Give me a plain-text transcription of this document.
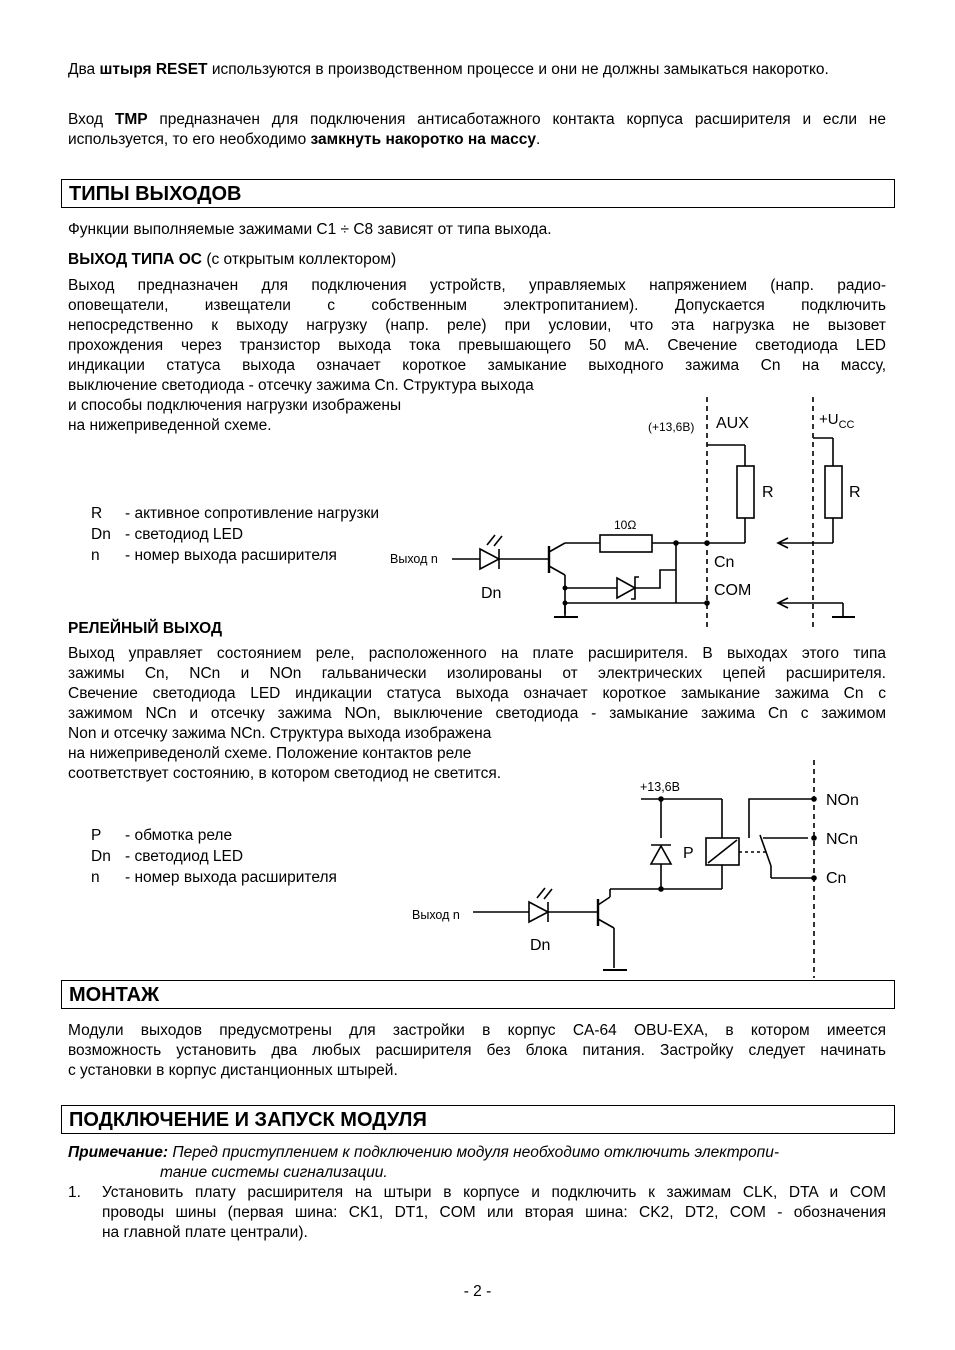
Два штыря RESET используются в производственном процессе и они не должны замыкаться накоротко.

Вход TMP предназначен для подключения антисаботажного контакта корпуса расширителя и если не используется, то его необходимо замкнуть накоротко на массу.

ТИПЫ ВЫХОДОВ
Функции выполняемые зажимами C1 ÷ C8 зависят от типа выхода.
ВЫХОД ТИПА ОС (с открытым коллектором)
Выход предназначен для подключения устройств, управляемых напряжением (напр. радио-
оповещатели, извещатели с собственным электропитанием). Допускается подключить
непосредственно к выходу нагрузку (напр. реле) при условии, что эта нагрузка не вызовет
прохождения через транзистор выхода тока превышающего 50 мА. Свечение светодиода LED
индикации статуса выхода означает короткое замыкание выходного зажима Cn на массу,
выключение светодиода - отсечку зажима Cn. Структура выхода
и способы подключения нагрузки изображены
на нижеприведенной схеме.
R - активное сопротивление нагрузки
Dn - светодиод LED
n - номер выхода расширителя
(+13,6B) AUX	$+U_{CC}$
R	R
10Ω
Cn
COM
Выход n
Dn
РЕЛЕЙНЫЙ ВЫХОД
Выход управляет состоянием реле, расположенного на плате расширителя. В выходах этого типа
зажимы Cn, NCn и NOn гальванически изолированы от электрических цепей расширителя.
Свечение светодиода LED индикации статуса выхода означает короткое замыкание зажима Cn с
зажимом NCn и отсечку зажима NOn, выключение светодиода - замыкание зажима Cn с зажимом
Non и отсечку зажима NCn. Структура выхода изображена
на нижеприведенолй схеме. Положение контактов реле
соответствует состоянию, в котором светодиод не светится.
P - обмотка реле
Dn - светодиод LED
n - номер выхода расширителя
+13,6B
P
NOn
NCn
Cn
Выход n
Dn
МОНТАЖ
Модули выходов предусмотрены для застройки в корпус CA-64 OBU-EXA, в котором имеется
возможность установить два любых расширителя без блока питания. Застройку следует начинать
с установки в корпус дистанционных штырей.
ПОДКЛЮЧЕНИЕ И ЗАПУСК МОДУЛЯ
Примечание: Перед приступлением к подключению модуля необходимо отключить электропи-
тание системы сигнализации.
1. Установить плату расширителя на штыри в корпусе и подключить к зажимам CLK, DTA и COM
проводы шины (первая шина: CK1, DT1, COM или вторая шина: CK2, DT2, COM - обозначения
на главной плате централи).
- 2 -
